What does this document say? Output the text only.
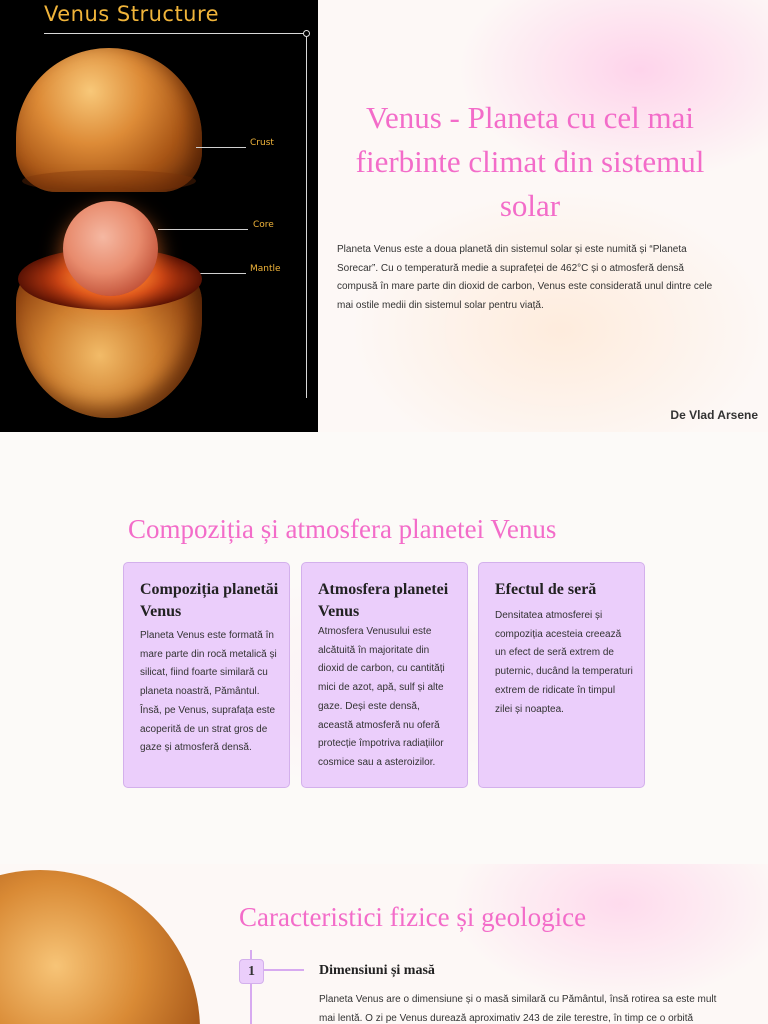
Venus Structure
Crust
Core
Mantle
Venus - Planeta cu cel mai fierbinte climat din sistemul solar

Planeta Venus este a doua planetă din sistemul solar și este numită și “Planeta Sorecar”. Cu o temperatură medie a suprafeței de 462°C și o atmosferă densă compusă în mare parte din dioxid de carbon, Venus este considerată unul dintre cele mai ostile medii din sistemul solar pentru viață.

De Vlad Arsene
Compoziția și atmosfera planetei Venus
Compoziția planetăi Venus

Planeta Venus este formată în mare parte din rocă metalică și silicat, fiind foarte similară cu planeta noastră, Pământul. Însă, pe Venus, suprafața este acoperită de un strat gros de gaze și atmosferă densă.

Atmosfera planetei Venus

Atmosfera Venusului este alcătuită în majoritate din dioxid de carbon, cu cantități mici de azot, apă, sulf și alte gaze. Deși este densă, această atmosferă nu oferă protecție împotriva radiațiilor cosmice sau a asteroizilor.

Efectul de seră

Densitatea atmosferei și compoziția acesteia creează un efect de seră extrem de puternic, ducând la temperaturi extrem de ridicate în timpul zilei și noaptea.

Caracteristici fizice și geologice
1	Dimensiuni și masă

Planeta Venus are o dimensiune și o masă similară cu Pământul, însă rotirea sa este mult mai lentă. O zi pe Venus durează aproximativ 243 de zile terestre, în timp ce o orbită
